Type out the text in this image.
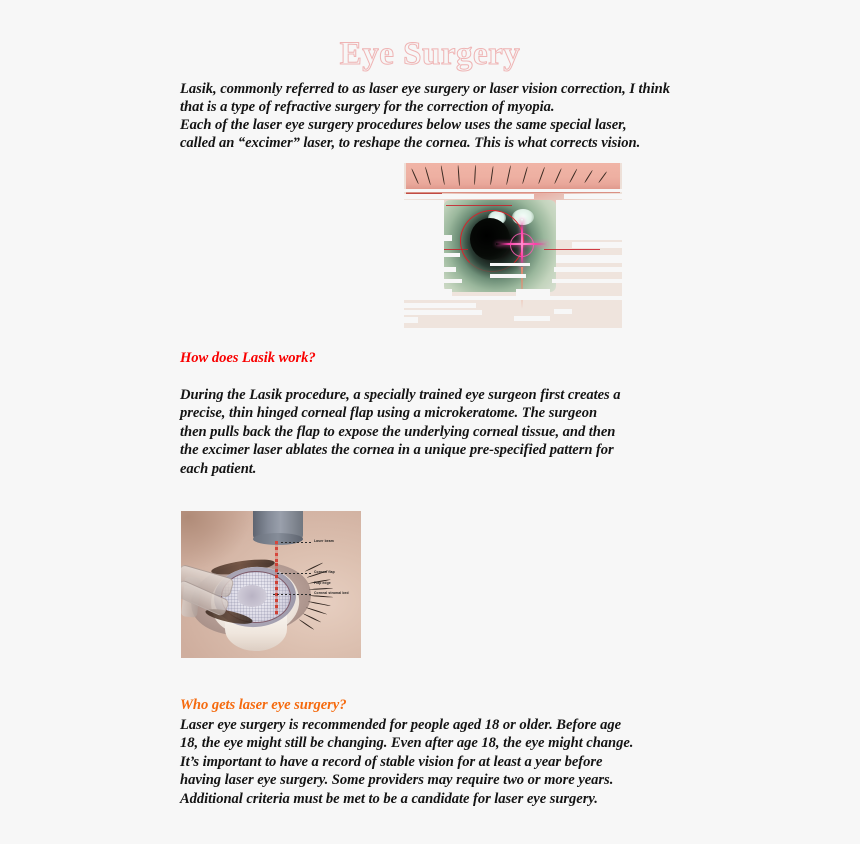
Eye Surgery
Lasik, commonly referred to as laser eye surgery or laser vision correction, I think that is a type of refractive surgery for the correction of myopia.
Each of the laser eye surgery procedures below uses the same special laser, called an “excimer” laser, to reshape the cornea. This is what corrects vision.
How does Lasik work?
During the Lasik procedure, a specially trained eye surgeon first creates a precise, thin hinged corneal flap using a microkeratome. The surgeon then pulls back the flap to expose the underlying corneal tissue, and then the excimer laser ablates the cornea in a unique pre-specified pattern for each patient.
Laser beam
Corneal flap
Flap edge
Corneal stromal bed
Who gets laser eye surgery?
Laser eye surgery is recommended for people aged 18 or older. Before age 18, the eye might still be changing. Even after age 18, the eye might change. It’s important to have a record of stable vision for at least a year before having laser eye surgery. Some providers may require two or more years. Additional criteria must be met to be a candidate for laser eye surgery.
